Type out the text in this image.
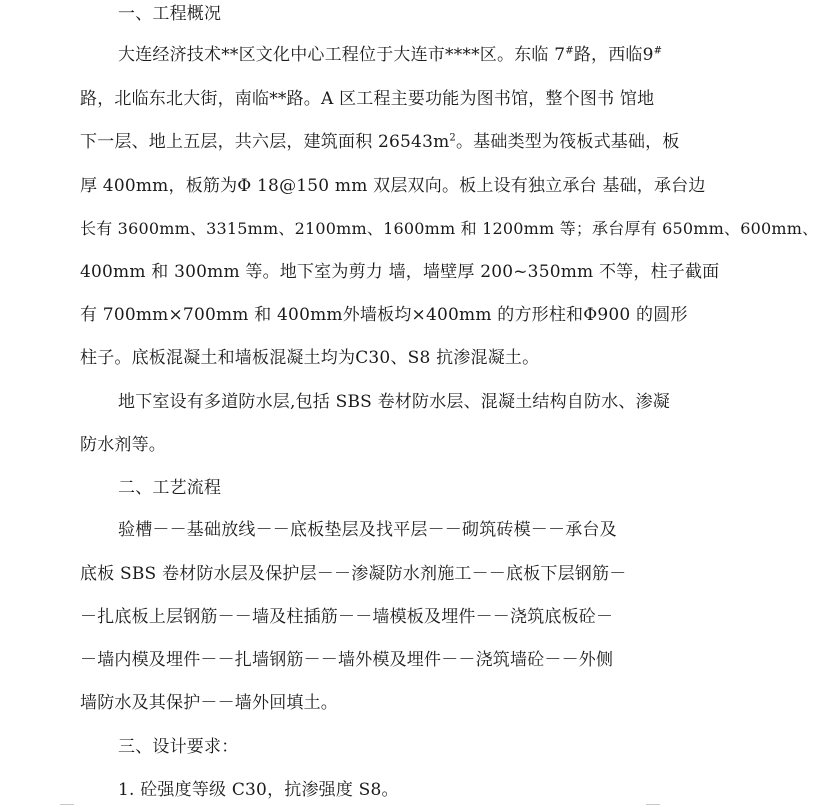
一、工程概况
大连经济技术**区文化中心工程位于大连市****区。东临 7#路，西临9#
路，北临东北大街，南临**路。A 区工程主要功能为图书馆，整个图书 馆地
下一层、地上五层，共六层，建筑面积 $26543m^2$。基础类型为筏板式基础，板
厚 400mm，板筋为Φ 18@150 mm 双层双向。板上设有独立承台 基础，承台边
长有 3600mm、3315mm、2100mm、1600mm 和 1200mm 等；承台厚有 650mm、600mm、
400mm 和 300mm 等。地下室为剪力 墙，墙壁厚 200~350mm 不等，柱子截面
有 700mm×700mm 和 400mm外墙板均×400mm 的方形柱和Φ900 的圆形
柱子。底板混凝土和墙板混凝土均为C30、S8 抗渗混凝土。
地下室设有多道防水层,包括 SBS 卷材防水层、混凝土结构自防水、渗凝
防水剂等。
二、工艺流程
验槽－－基础放线－－底板垫层及找平层－－砌筑砖模－－承台及
底板 SBS 卷材防水层及保护层－－渗凝防水剂施工－－底板下层钢筋－
－扎底板上层钢筋－－墙及柱插筋－－墙模板及埋件－－浇筑底板砼－
－墙内模及埋件－－扎墙钢筋－－墙外模及埋件－－浇筑墙砼－－外侧
墙防水及其保护－－墙外回填土。
三、设计要求：
1. 砼强度等级 C30，抗渗强度 S8。
